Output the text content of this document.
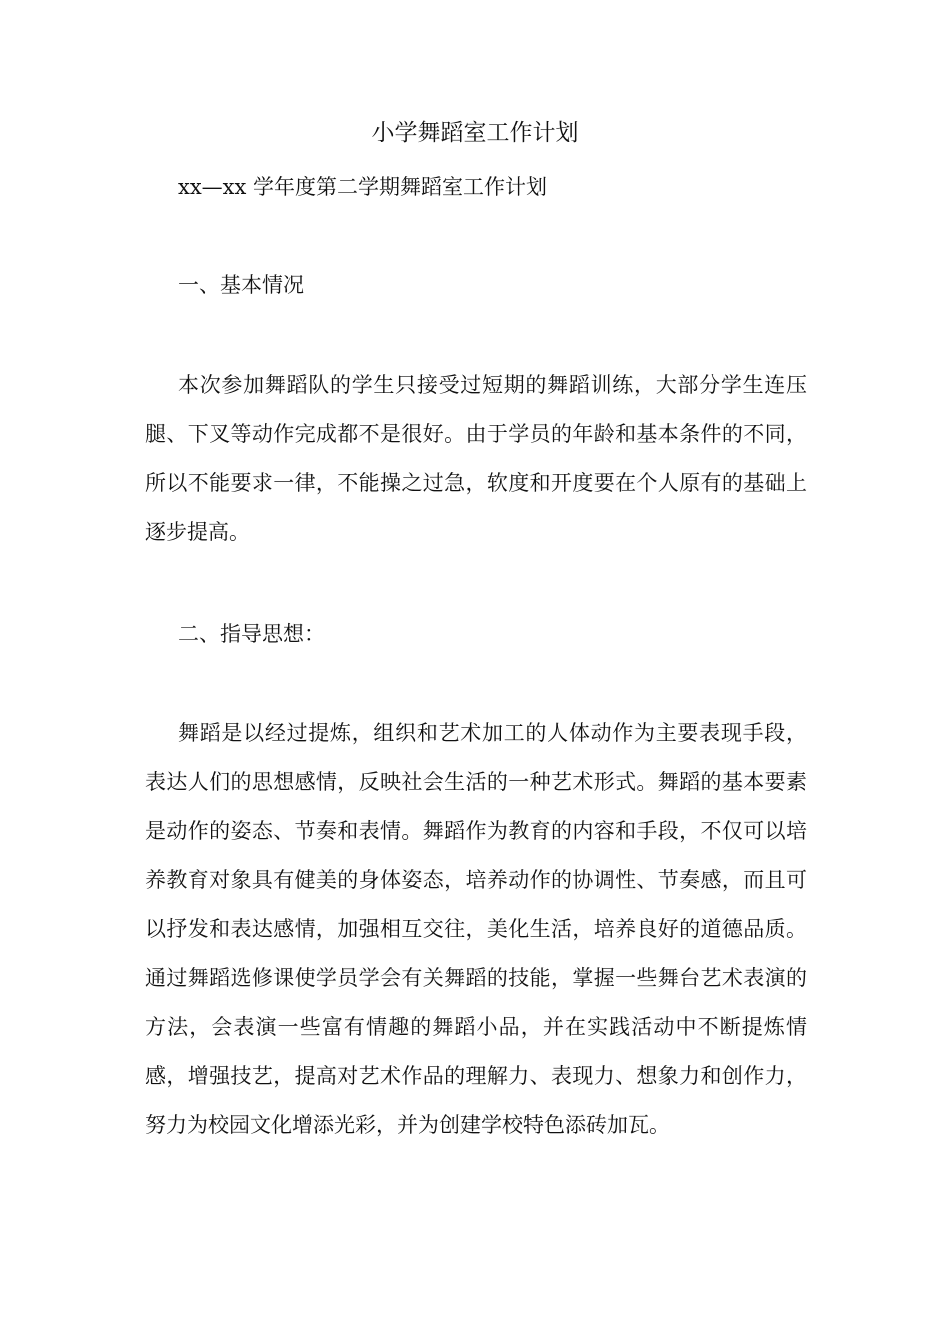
小学舞蹈室工作计划
xx—xx 学年度第二学期舞蹈室工作计划
一、基本情况

本次参加舞蹈队的学生只接受过短期的舞蹈训练，大部分学生连压腿、下叉等动作完成都不是很好。由于学员的年龄和基本条件的不同，所以不能要求一律，不能操之过急，软度和开度要在个人原有的基础上逐步提高。

二、指导思想：

舞蹈是以经过提炼，组织和艺术加工的人体动作为主要表现手段，表达人们的思想感情，反映社会生活的一种艺术形式。舞蹈的基本要素是动作的姿态、节奏和表情。舞蹈作为教育的内容和手段，不仅可以培养教育对象具有健美的身体姿态，培养动作的协调性、节奏感，而且可以抒发和表达感情，加强相互交往，美化生活，培养良好的道德品质。通过舞蹈选修课使学员学会有关舞蹈的技能，掌握一些舞台艺术表演的方法，会表演一些富有情趣的舞蹈小品，并在实践活动中不断提炼情感，增强技艺，提高对艺术作品的理解力、表现力、想象力和创作力，努力为校园文化增添光彩，并为创建学校特色添砖加瓦。
